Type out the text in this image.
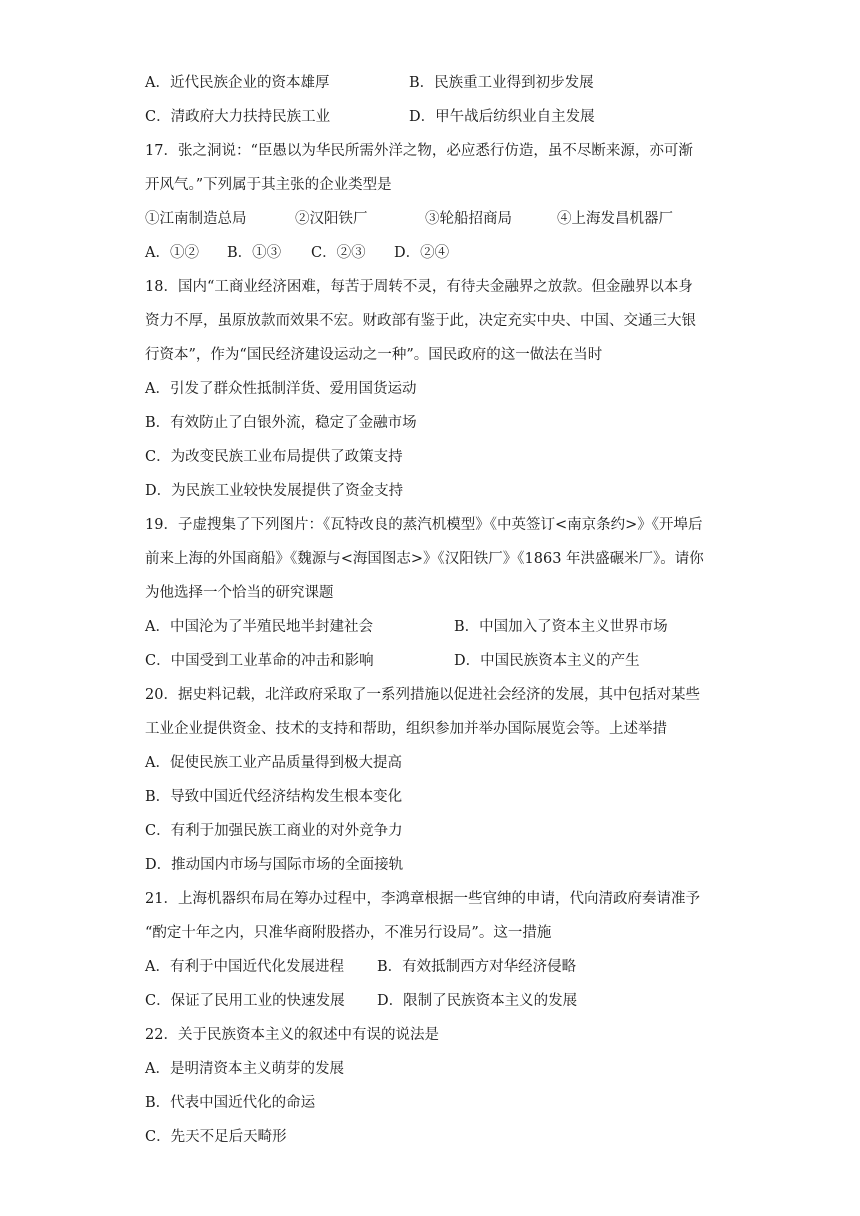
A．近代民族企业的资本雄厚	B．民族重工业得到初步发展
C．清政府大力扶持民族工业	D．甲午战后纺织业自主发展
17．张之洞说：“臣愚以为华民所需外洋之物，必应悉行仿造，虽不尽断来源，亦可渐
开风气。”下列属于其主张的企业类型是
①江南制造总局	②汉阳铁厂	③轮船招商局	④上海发昌机器厂
A．①② B．①③ C．②③ D．②④
18．国内“工商业经济困难，每苦于周转不灵，有待夫金融界之放款。但金融界以本身
资力不厚，虽原放款而效果不宏。财政部有鉴于此，决定充实中央、中国、交通三大银
行资本”，作为“国民经济建设运动之一种”。国民政府的这一做法在当时
A．引发了群众性抵制洋货、爱用国货运动
B．有效防止了白银外流，稳定了金融市场
C．为改变民族工业布局提供了政策支持
D．为民族工业较快发展提供了资金支持
19．子虚搜集了下列图片：《瓦特改良的蒸汽机模型》《中英签订<南京条约>》《开埠后
前来上海的外国商船》《魏源与<海国图志>》《汉阳铁厂》《1863 年洪盛碾米厂》。请你
为他选择一个恰当的研究课题
A．中国沦为了半殖民地半封建社会	B．中国加入了资本主义世界市场
C．中国受到工业革命的冲击和影响	D．中国民族资本主义的产生
20．据史料记载，北洋政府采取了一系列措施以促进社会经济的发展，其中包括对某些
工业企业提供资金、技术的支持和帮助，组织参加并举办国际展览会等。上述举措
A．促使民族工业产品质量得到极大提高
B．导致中国近代经济结构发生根本变化
C．有利于加强民族工商业的对外竞争力
D．推动国内市场与国际市场的全面接轨
21．上海机器织布局在筹办过程中，李鸿章根据一些官绅的申请，代向清政府奏请准予
“酌定十年之内，只准华商附股搭办，不准另行设局”。这一措施
A．有利于中国近代化发展进程 B．有效抵制西方对华经济侵略
C．保证了民用工业的快速发展 D．限制了民族资本主义的发展
22．关于民族资本主义的叙述中有误的说法是
A．是明清资本主义萌芽的发展
B．代表中国近代化的命运
C．先天不足后天畸形
